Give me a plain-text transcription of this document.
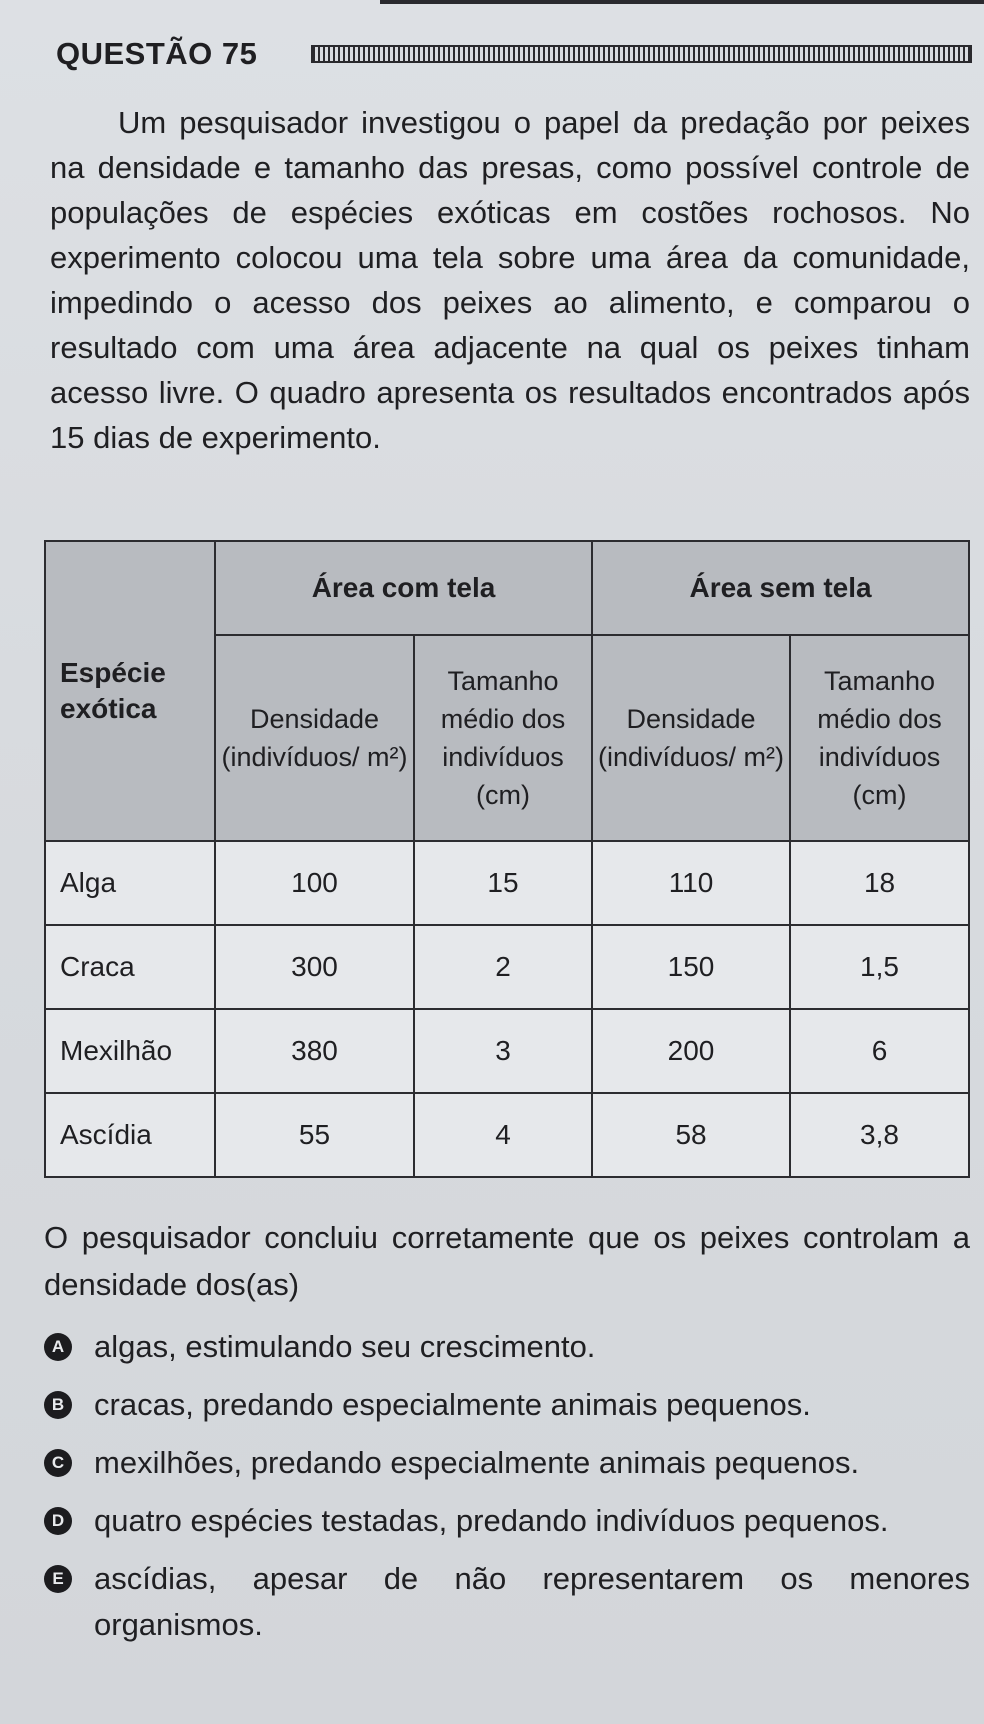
QUESTÃO 75

Um pesquisador investigou o papel da predação por peixes na densidade e tamanho das presas, como possível controle de populações de espécies exóticas em costões rochosos. No experimento colocou uma tela sobre uma área da comunidade, impedindo o acesso dos peixes ao alimento, e comparou o resultado com uma área adjacente na qual os peixes tinham acesso livre. O quadro apresenta os resultados encontrados após 15 dias de experimento.

Espécie exótica	Área com tela		Área sem tela	
	Densidade (indivíduos/ m²)	Tamanho médio dos indivíduos (cm)	Densidade (indivíduos/ m²)	Tamanho médio dos indivíduos (cm)
Alga	100	15	110	18
Craca	300	2	150	1,5
Mexilhão	380	3	200	6
Ascídia	55	4	58	3,8

O pesquisador concluiu corretamente que os peixes controlam a densidade dos(as)

A algas, estimulando seu crescimento.
B cracas, predando especialmente animais pequenos.
C mexilhões, predando especialmente animais pequenos.
D quatro espécies testadas, predando indivíduos pequenos.
E ascídias, apesar de não representarem os menores organismos.
